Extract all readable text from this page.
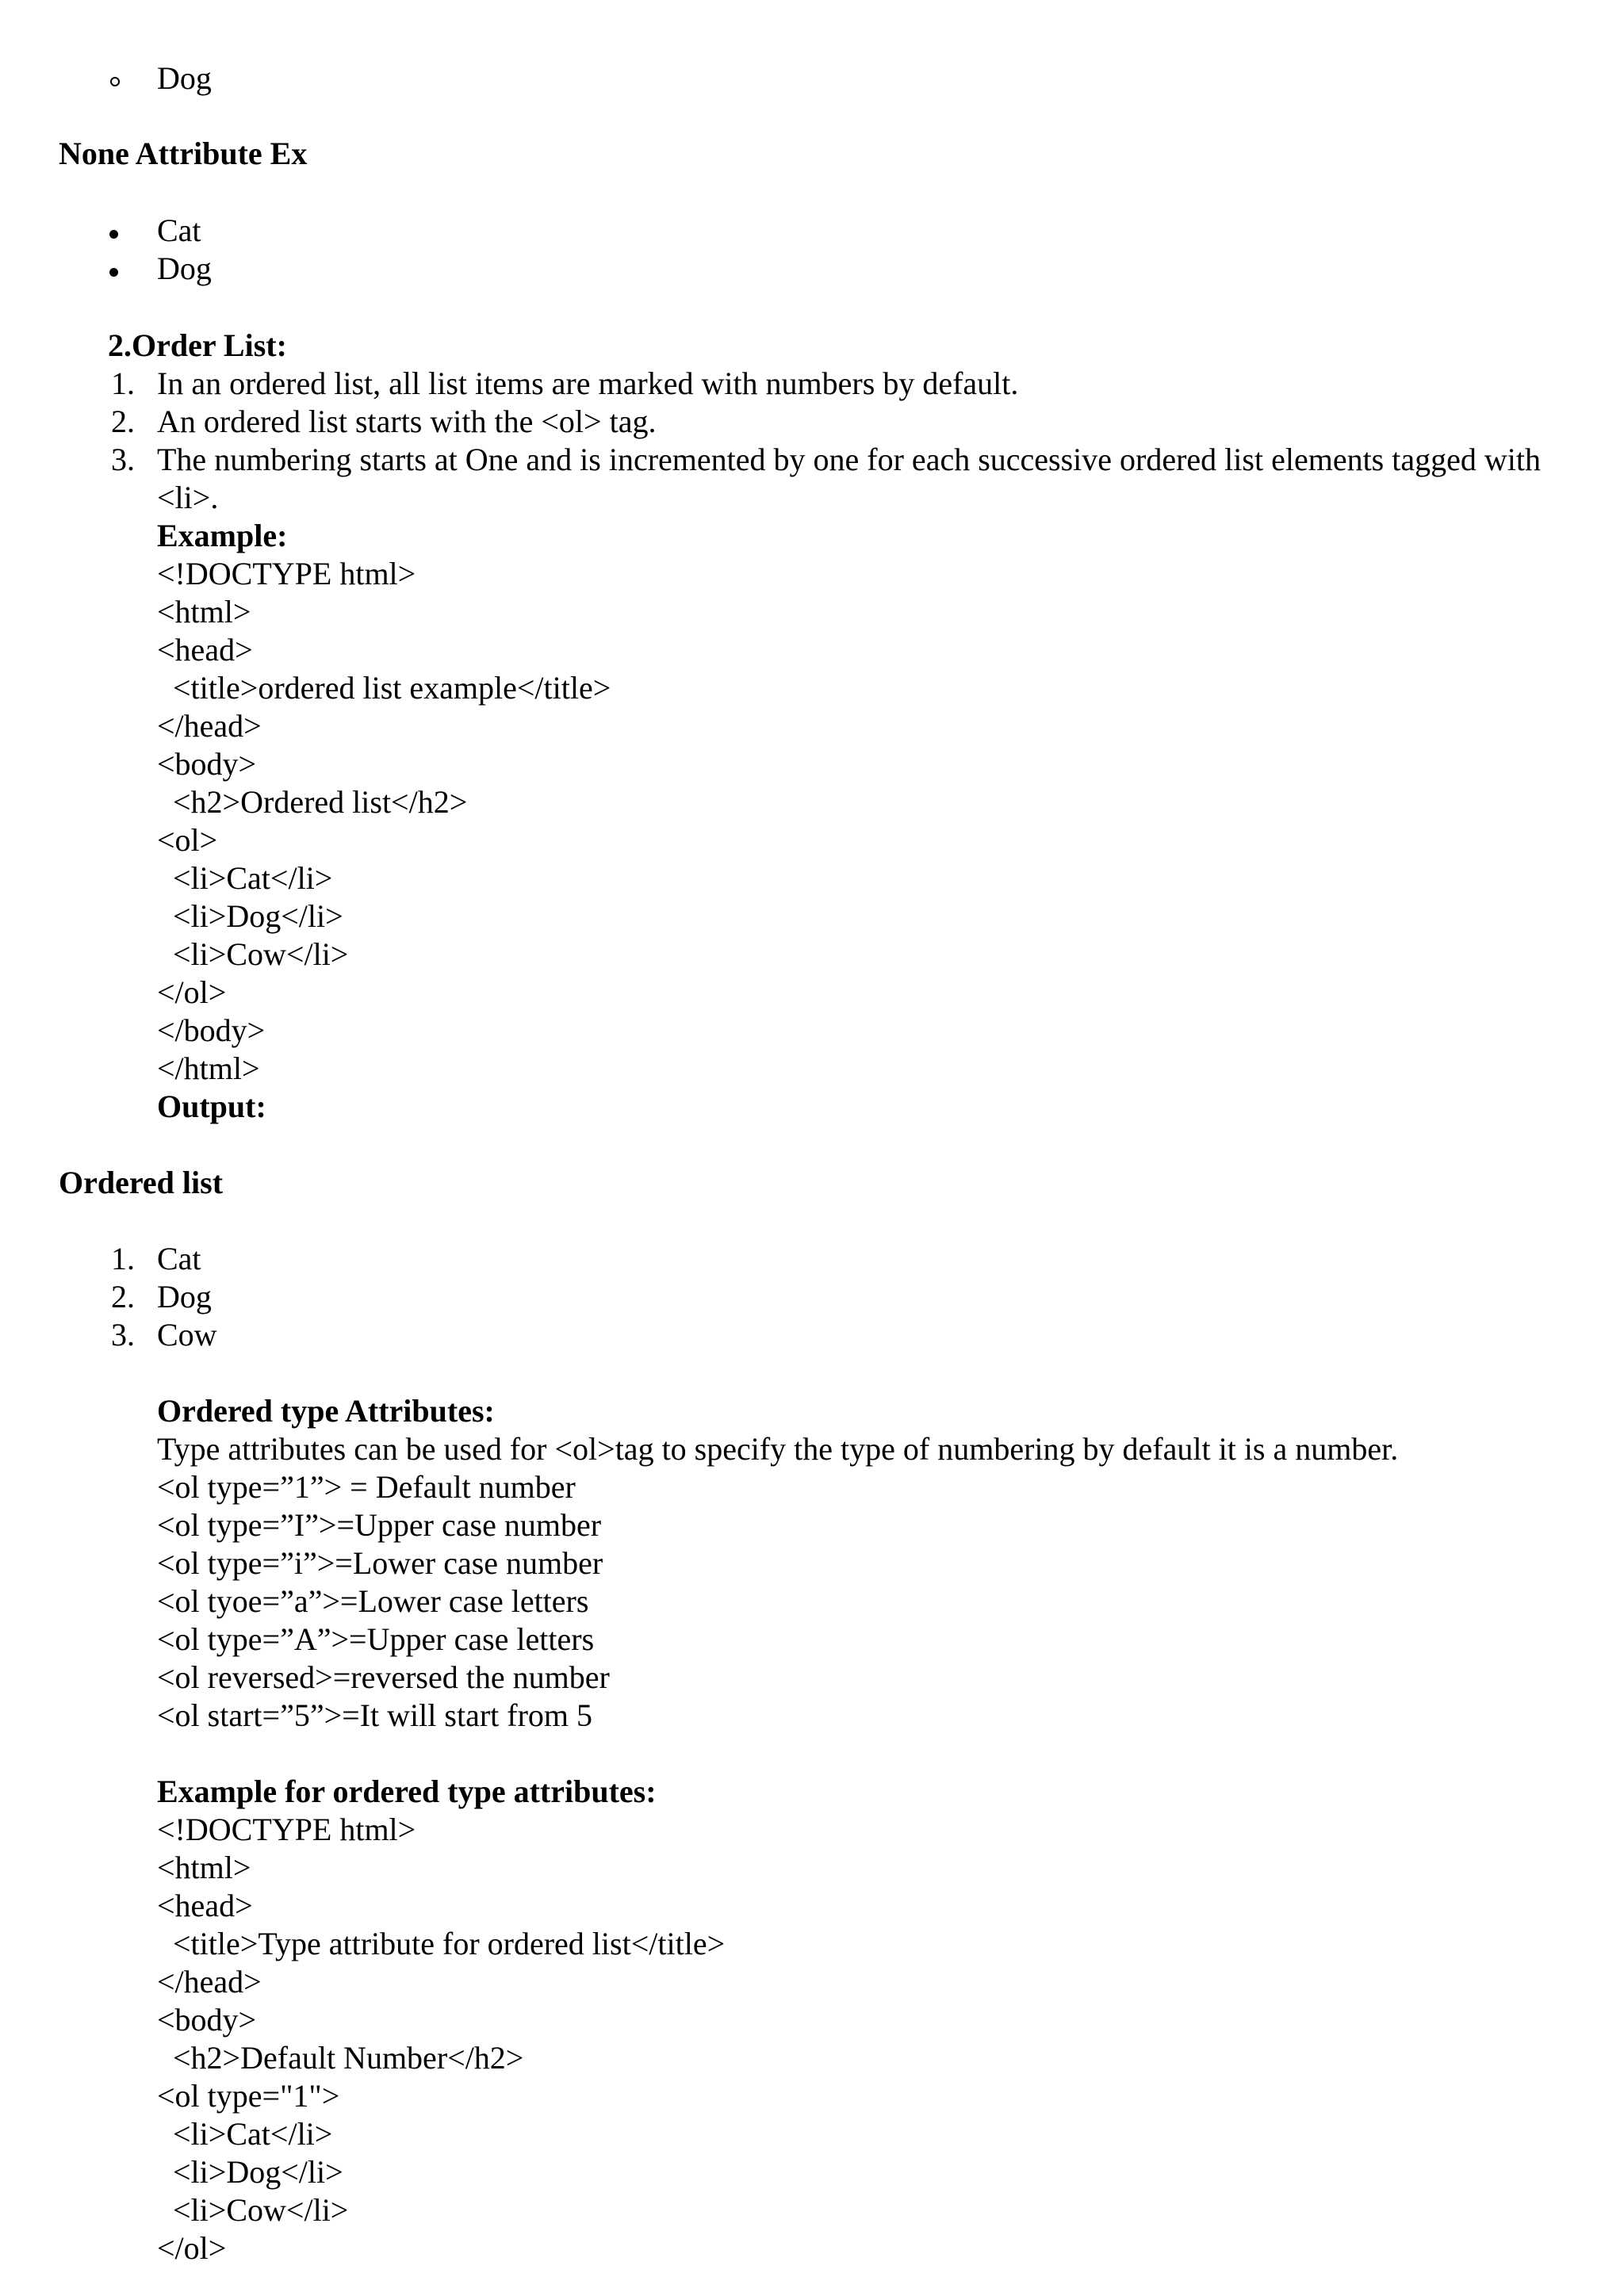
Dog
None Attribute Ex
Cat
Dog
2.Order List:
1. In an ordered list, all list items are marked with numbers by default.
2. An ordered list starts with the <ol> tag.
3. The numbering starts at One and is incremented by one for each successive ordered list elements tagged with
<li>.
Example:
<!DOCTYPE html>
<html>
<head>
<title>ordered list example</title>
</head>
<body>
<h2>Ordered list</h2>
<ol>
<li>Cat</li>
<li>Dog</li>
<li>Cow</li>
</ol>
</body>
</html>
Output:
Ordered list
1. Cat
2. Dog
3. Cow
Ordered type Attributes:
Type attributes can be used for <ol>tag to specify the type of numbering by default it is a number.
<ol type=”1”> = Default number
<ol type=”I”>=Upper case number
<ol type=”i”>=Lower case number
<ol tyoe=”a”>=Lower case letters
<ol type=”A”>=Upper case letters
<ol reversed>=reversed the number
<ol start=”5”>=It will start from 5
Example for ordered type attributes:
<!DOCTYPE html>
<html>
<head>
<title>Type attribute for ordered list</title>
</head>
<body>
<h2>Default Number</h2>
<ol type="1">
<li>Cat</li>
<li>Dog</li>
<li>Cow</li>
</ol>
